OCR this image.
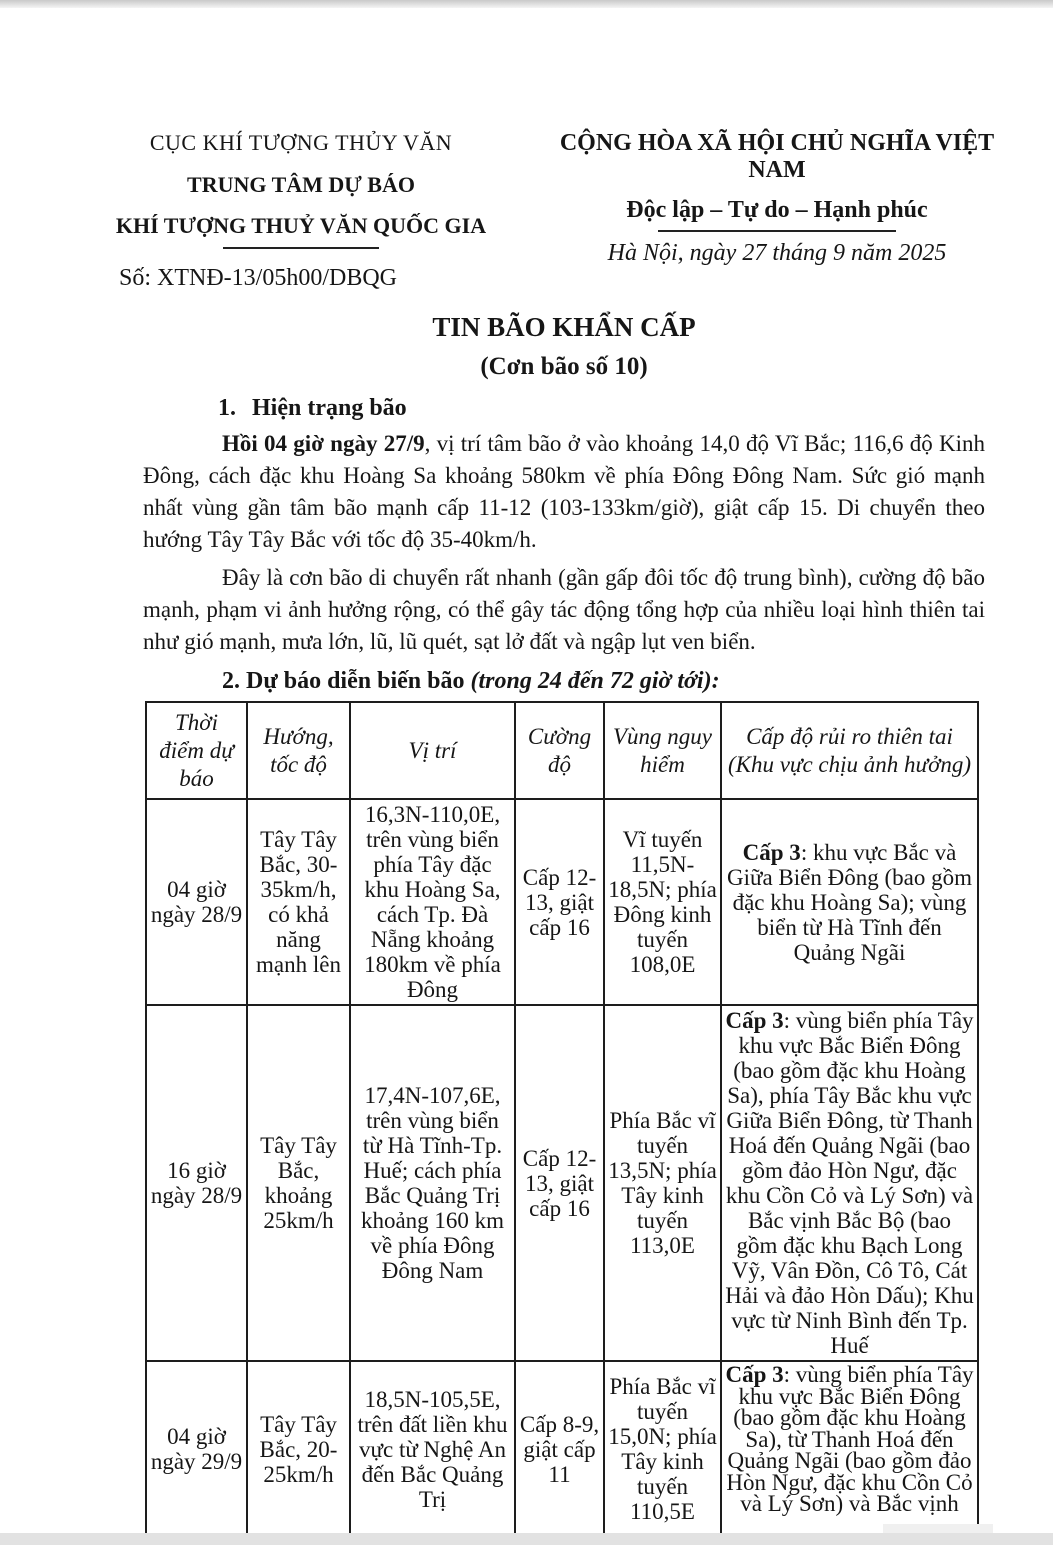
CỤC KHÍ TƯỢNG THỦY VĂN
TRUNG TÂM DỰ BÁO
KHÍ TƯỢNG THUỶ VĂN QUỐC GIA
Số: XTNĐ-13/05h00/DBQG
CỘNG HÒA XÃ HỘI CHỦ NGHĨA VIỆT NAM
Độc lập – Tự do – Hạnh phúc
Hà Nội, ngày 27 tháng 9 năm 2025
TIN BÃO KHẨN CẤP
(Cơn bão số 10)
1. Hiện trạng bão

Hồi 04 giờ ngày 27/9, vị trí tâm bão ở vào khoảng 14,0 độ Vĩ Bắc; 116,6 độ Kinh Đông, cách đặc khu Hoàng Sa khoảng 580km về phía Đông Đông Nam. Sức gió mạnh nhất vùng gần tâm bão mạnh cấp 11-12 (103-133km/giờ), giật cấp 15. Di chuyển theo hướng Tây Tây Bắc với tốc độ 35-40km/h.

Đây là cơn bão di chuyển rất nhanh (gần gấp đôi tốc độ trung bình), cường độ bão mạnh, phạm vi ảnh hưởng rộng, có thể gây tác động tổng hợp của nhiều loại hình thiên tai như gió mạnh, mưa lớn, lũ, lũ quét, sạt lở đất và ngập lụt ven biển.

2. Dự báo diễn biến bão (trong 24 đến 72 giờ tới):
Thời điểm dự báo	Hướng, tốc độ	Vị trí	Cường độ	Vùng nguy hiểm	Cấp độ rủi ro thiên tai (Khu vực chịu ảnh hưởng)
04 giờ ngày 28/9	Tây Tây Bắc, 30-35km/h, có khả năng mạnh lên	16,3N-110,0E, trên vùng biển phía Tây đặc khu Hoàng Sa, cách Tp. Đà Nẵng khoảng 180km về phía Đông	Cấp 12-13, giật cấp 16	Vĩ tuyến 11,5N-18,5N; phía Đông kinh tuyến 108,0E	Cấp 3: khu vực Bắc và Giữa Biển Đông (bao gồm đặc khu Hoàng Sa); vùng biển từ Hà Tĩnh đến Quảng Ngãi
16 giờ ngày 28/9	Tây Tây Bắc, khoảng 25km/h	17,4N-107,6E, trên vùng biển từ Hà Tĩnh-Tp. Huế; cách phía Bắc Quảng Trị khoảng 160 km về phía Đông Đông Nam	Cấp 12-13, giật cấp 16	Phía Bắc vĩ tuyến 13,5N; phía Tây kinh tuyến 113,0E	Cấp 3: vùng biển phía Tây khu vực Bắc Biển Đông (bao gồm đặc khu Hoàng Sa), phía Tây Bắc khu vực Giữa Biển Đông, từ Thanh Hoá đến Quảng Ngãi (bao gồm đảo Hòn Ngư, đặc khu Cồn Cỏ và Lý Sơn) và Bắc vịnh Bắc Bộ (bao gồm đặc khu Bạch Long Vỹ, Vân Đồn, Cô Tô, Cát Hải và đảo Hòn Dấu); Khu vực từ Ninh Bình đến Tp. Huế
04 giờ ngày 29/9	Tây Tây Bắc, 20-25km/h	18,5N-105,5E, trên đất liền khu vực từ Nghệ An đến Bắc Quảng Trị	Cấp 8-9, giật cấp 11	Phía Bắc vĩ tuyến 15,0N; phía Tây kinh tuyến 110,5E	Cấp 3: vùng biển phía Tây khu vực Bắc Biển Đông (bao gồm đặc khu Hoàng Sa), từ Thanh Hoá đến Quảng Ngãi (bao gồm đảo Hòn Ngư, đặc khu Cồn Cỏ và Lý Sơn) và Bắc vịnh
